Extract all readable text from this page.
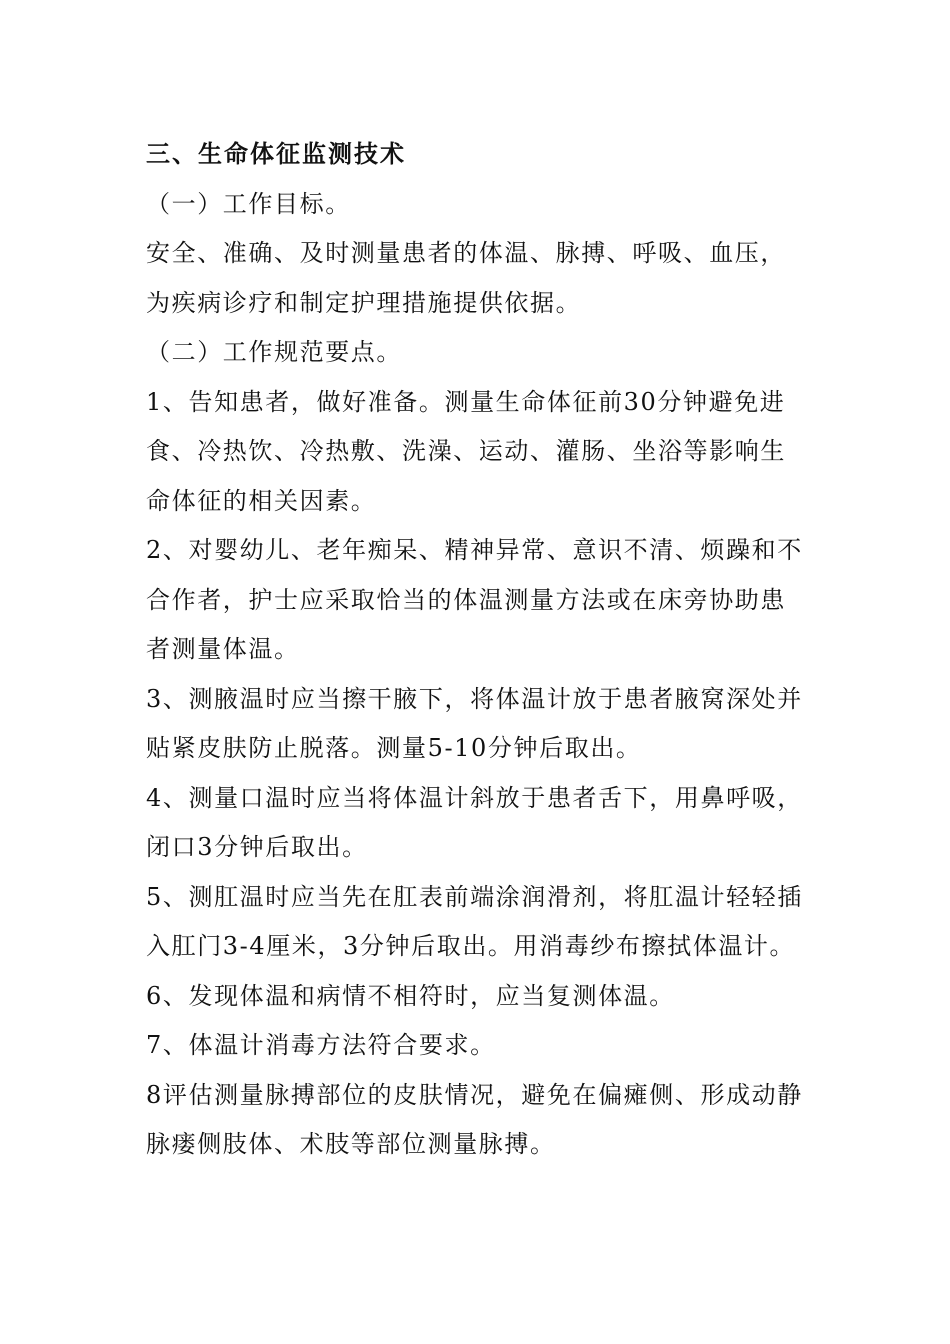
三、生命体征监测技术
（一）工作目标。
安全、准确、及时测量患者的体温、脉搏、呼吸、血压，
为疾病诊疗和制定护理措施提供依据。
（二）工作规范要点。
1、告知患者，做好准备。测量生命体征前30分钟避免进
食、冷热饮、冷热敷、洗澡、运动、灌肠、坐浴等影响生
命体征的相关因素。
2、对婴幼儿、老年痴呆、精神异常、意识不清、烦躁和不
合作者，护士应采取恰当的体温测量方法或在床旁协助患
者测量体温。
3、测腋温时应当擦干腋下，将体温计放于患者腋窝深处并
贴紧皮肤防止脱落。测量5-10分钟后取出。
4、测量口温时应当将体温计斜放于患者舌下，用鼻呼吸，
闭口3分钟后取出。
5、测肛温时应当先在肛表前端涂润滑剂，将肛温计轻轻插
入肛门3-4厘米，3分钟后取出。用消毒纱布擦拭体温计。
6、发现体温和病情不相符时，应当复测体温。
7、体温计消毒方法符合要求。
8评估测量脉搏部位的皮肤情况，避免在偏瘫侧、形成动静
脉瘘侧肢体、术肢等部位测量脉搏。
